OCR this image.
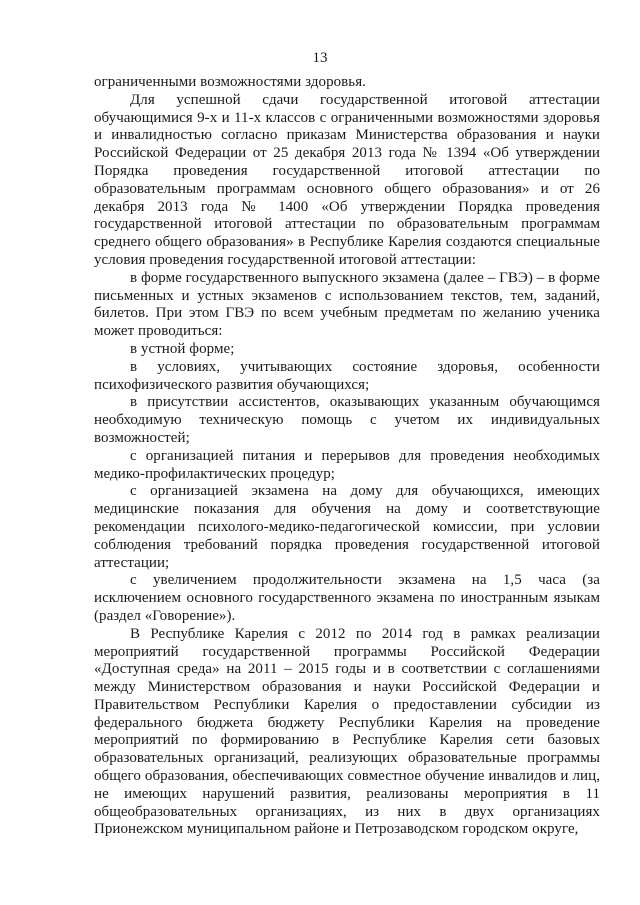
13

ограниченными возможностями здоровья.

Для успешной сдачи государственной итоговой аттестации обучающимися 9-х и 11-х классов с ограниченными возможностями здоровья и инвалидностью согласно приказам Министерства образования и науки Российской Федерации от 25 декабря 2013 года № 1394 «Об утверждении Порядка проведения государственной итоговой аттестации по образовательным программам основного общего образования» и от 26 декабря 2013 года № 1400 «Об утверждении Порядка проведения государственной итоговой аттестации по образовательным программам среднего общего образования» в Республике Карелия создаются специальные условия проведения государственной итоговой аттестации:

в форме государственного выпускного экзамена (далее – ГВЭ) – в форме письменных и устных экзаменов с использованием текстов, тем, заданий, билетов. При этом ГВЭ по всем учебным предметам по желанию ученика может проводиться:

в устной форме;

в условиях, учитывающих состояние здоровья, особенности психофизического развития обучающихся;

в присутствии ассистентов, оказывающих указанным обучающимся необходимую техническую помощь с учетом их индивидуальных возможностей;

с организацией питания и перерывов для проведения необходимых медико-профилактических процедур;

с организацией экзамена на дому для обучающихся, имеющих медицинские показания для обучения на дому и соответствующие рекомендации психолого-медико-педагогической комиссии, при условии соблюдения требований порядка проведения государственной итоговой аттестации;

с увеличением продолжительности экзамена на 1,5 часа (за исключением основного государственного экзамена по иностранным языкам (раздел «Говорение»).

В Республике Карелия с 2012 по 2014 год в рамках реализации мероприятий государственной программы Российской Федерации «Доступная среда» на 2011 – 2015 годы и в соответствии с соглашениями между Министерством образования и науки Российской Федерации и Правительством Республики Карелия о предоставлении субсидии из федерального бюджета бюджету Республики Карелия на проведение мероприятий по формированию в Республике Карелия сети базовых образовательных организаций, реализующих образовательные программы общего образования, обеспечивающих совместное обучение инвалидов и лиц, не имеющих нарушений развития, реализованы мероприятия в 11 общеобразовательных организациях, из них в двух организациях Прионежском муниципальном районе и Петрозаводском городском округе,
